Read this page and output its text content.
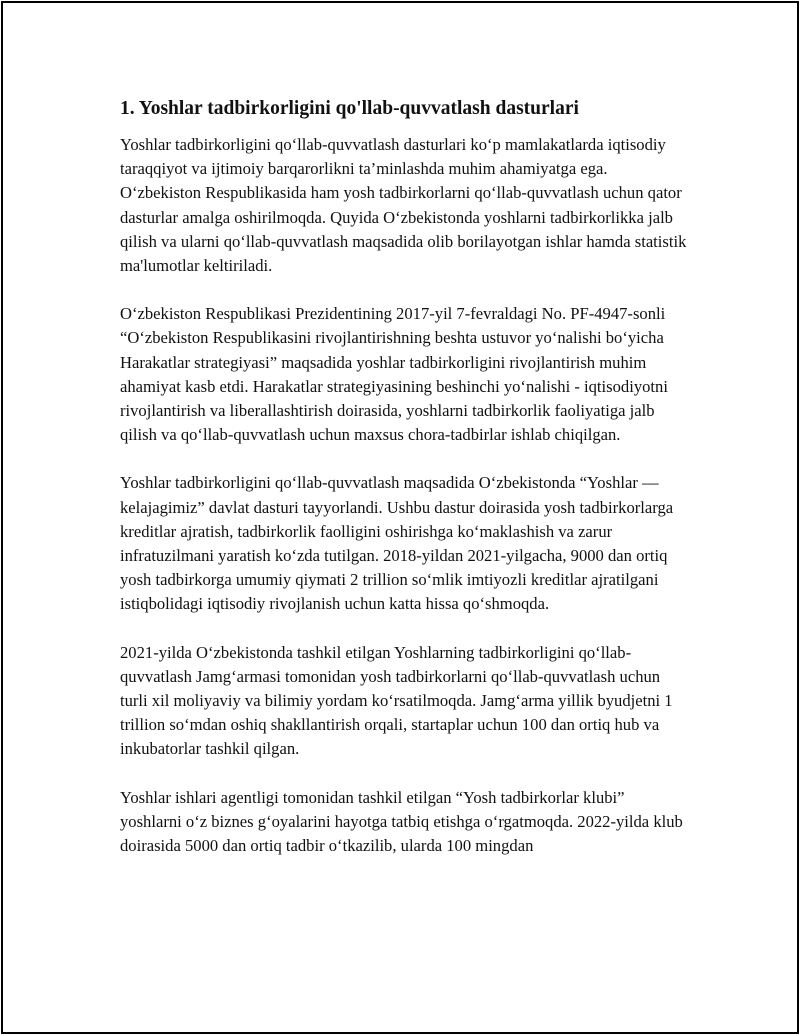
1. Yoshlar tadbirkorligini qo'llab-quvvatlash dasturlari

Yoshlar tadbirkorligini qo‘llab-quvvatlash dasturlari ko‘p mamlakatlarda iqtisodiy taraqqiyot va ijtimoiy barqarorlikni ta’minlashda muhim ahamiyatga ega. O‘zbekiston Respublikasida ham yosh tadbirkorlarni qo‘llab-quvvatlash uchun qator dasturlar amalga oshirilmoqda. Quyida O‘zbekistonda yoshlarni tadbirkorlikka jalb qilish va ularni qo‘llab-quvvatlash maqsadida olib borilayotgan ishlar hamda statistik ma'lumotlar keltiriladi.

O‘zbekiston Respublikasi Prezidentining 2017-yil 7-fevraldagi No. PF-4947-sonli “O‘zbekiston Respublikasini rivojlantirishning beshta ustuvor yo‘nalishi bo‘yicha Harakatlar strategiyasi” maqsadida yoshlar tadbirkorligini rivojlantirish muhim ahamiyat kasb etdi. Harakatlar strategiyasining beshinchi yo‘nalishi - iqtisodiyotni rivojlantirish va liberallashtirish doirasida, yoshlarni tadbirkorlik faoliyatiga jalb qilish va qo‘llab-quvvatlash uchun maxsus chora-tadbirlar ishlab chiqilgan.

Yoshlar tadbirkorligini qo‘llab-quvvatlash maqsadida O‘zbekistonda “Yoshlar — kelajagimiz” davlat dasturi tayyorlandi. Ushbu dastur doirasida yosh tadbirkorlarga kreditlar ajratish, tadbirkorlik faolligini oshirishga ko‘maklashish va zarur infratuzilmani yaratish ko‘zda tutilgan. 2018-yildan 2021-yilgacha, 9000 dan ortiq yosh tadbirkorga umumiy qiymati 2 trillion so‘mlik imtiyozli kreditlar ajratilgani istiqbolidagi iqtisodiy rivojlanish uchun katta hissa qo‘shmoqda.

2021-yilda O‘zbekistonda tashkil etilgan Yoshlarning tadbirkorligini qo‘llab-quvvatlash Jamg‘armasi tomonidan yosh tadbirkorlarni qo‘llab-quvvatlash uchun turli xil moliyaviy va bilimiy yordam ko‘rsatilmoqda. Jamg‘arma yillik byudjetni 1 trillion so‘mdan oshiq shakllantirish orqali, startaplar uchun 100 dan ortiq hub va inkubatorlar tashkil qilgan.

Yoshlar ishlari agentligi tomonidan tashkil etilgan “Yosh tadbirkorlar klubi” yoshlarni o‘z biznes g‘oyalarini hayotga tatbiq etishga o‘rgatmoqda. 2022-yilda klub doirasida 5000 dan ortiq tadbir o‘tkazilib, ularda 100 mingdan
